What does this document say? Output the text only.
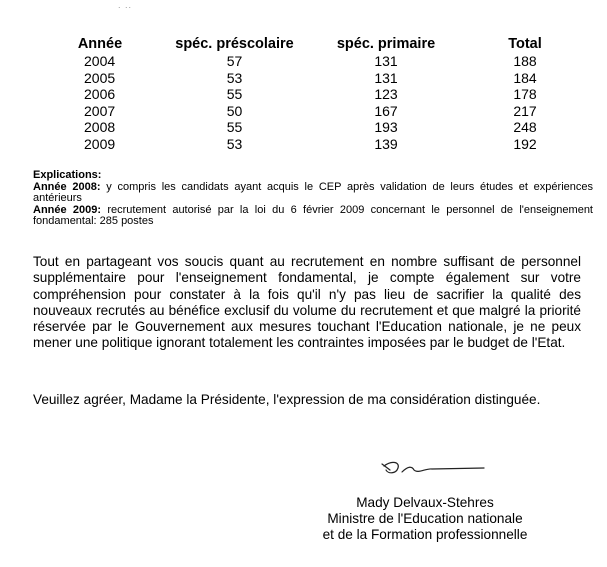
. ..
Année	spéc. préscolaire	spéc. primaire	Total
2004	57	131	188
2005	53	131	184
2006	55	123	178
2007	50	167	217
2008	55	193	248
2009	53	139	192
Explications:

Année 2008: y compris les candidats ayant acquis le CEP après validation de leurs études et expériences antérieurs

Année 2009: recrutement autorisé par la loi du 6 février 2009 concernant le personnel de l'enseignement fondamental: 285 postes

Tout en partageant vos soucis quant au recrutement en nombre suffisant de personnel supplémentaire pour l'enseignement fondamental, je compte également sur votre compréhension pour constater à la fois qu'il n'y pas lieu de sacrifier la qualité des nouveaux recrutés au bénéfice exclusif du volume du recrutement et que malgré la priorité réservée par le Gouvernement aux mesures touchant l'Education nationale, je ne peux mener une politique ignorant totalement les contraintes imposées par le budget de l'Etat.

Veuillez agréer, Madame la Présidente, l'expression de ma considération distinguée.
Mady Delvaux-Stehres
Ministre de l'Education nationale
et de la Formation professionnelle
